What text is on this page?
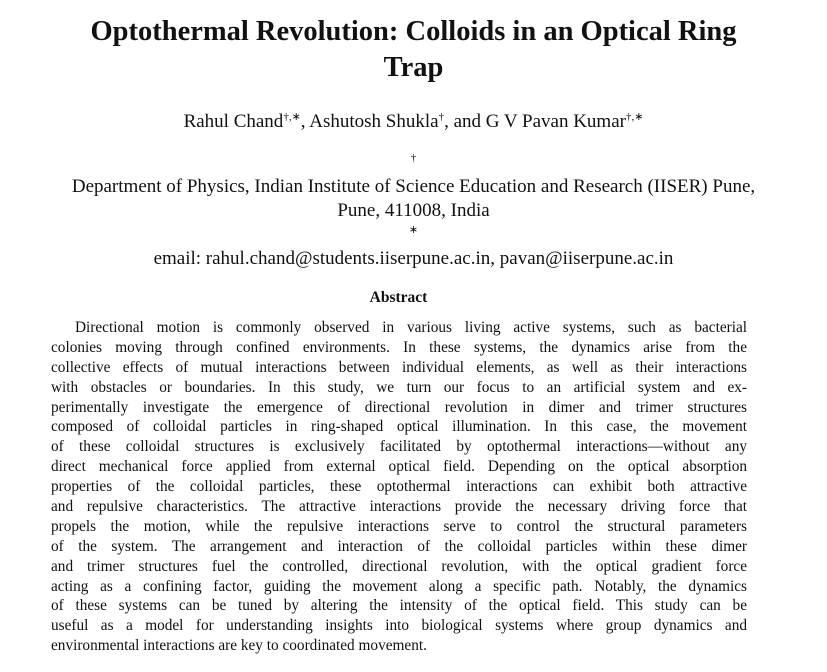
Optothermal Revolution: Colloids in an Optical Ring
Trap
Rahul Chand†,∗, Ashutosh Shukla†, and G V Pavan Kumar†,∗
†
Department of Physics, Indian Institute of Science Education and Research (IISER) Pune,
Pune, 411008, India
∗
email: rahul.chand@students.iiserpune.ac.in, pavan@iiserpune.ac.in
Abstract
Directional motion is commonly observed in various living active systems, such as bacterial
colonies moving through confined environments. In these systems, the dynamics arise from the
collective effects of mutual interactions between individual elements, as well as their interactions
with obstacles or boundaries. In this study, we turn our focus to an artificial system and ex-
perimentally investigate the emergence of directional revolution in dimer and trimer structures
composed of colloidal particles in ring-shaped optical illumination. In this case, the movement
of these colloidal structures is exclusively facilitated by optothermal interactions—without any
direct mechanical force applied from external optical field. Depending on the optical absorption
properties of the colloidal particles, these optothermal interactions can exhibit both attractive
and repulsive characteristics. The attractive interactions provide the necessary driving force that
propels the motion, while the repulsive interactions serve to control the structural parameters
of the system. The arrangement and interaction of the colloidal particles within these dimer
and trimer structures fuel the controlled, directional revolution, with the optical gradient force
acting as a confining factor, guiding the movement along a specific path. Notably, the dynamics
of these systems can be tuned by altering the intensity of the optical field. This study can be
useful as a model for understanding insights into biological systems where group dynamics and
environmental interactions are key to coordinated movement.
